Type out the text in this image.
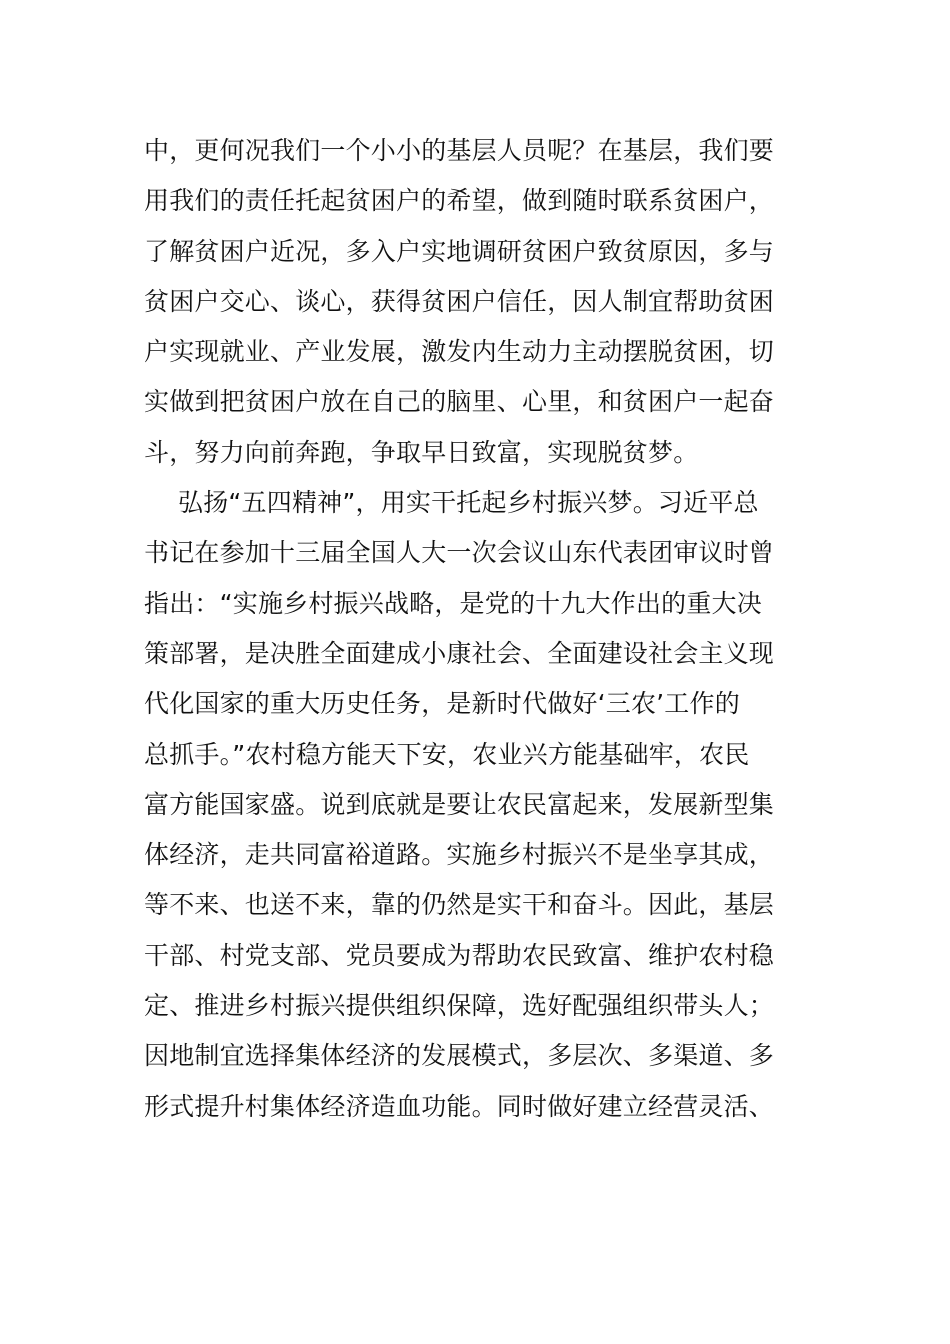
中，更何况我们一个小小的基层人员呢？在基层，我们要
用我们的责任托起贫困户的希望，做到随时联系贫困户，
了解贫困户近况，多入户实地调研贫困户致贫原因，多与
贫困户交心、谈心，获得贫困户信任，因人制宜帮助贫困
户实现就业、产业发展，激发内生动力主动摆脱贫困，切
实做到把贫困户放在自己的脑里、心里，和贫困户一起奋
斗，努力向前奔跑，争取早日致富，实现脱贫梦。
弘扬“五四精神”，用实干托起乡村振兴梦。习近平总
书记在参加十三届全国人大一次会议山东代表团审议时曾
指出：“实施乡村振兴战略，是党的十九大作出的重大决
策部署，是决胜全面建成小康社会、全面建设社会主义现
代化国家的重大历史任务，是新时代做好‘三农’工作的
总抓手。”农村稳方能天下安，农业兴方能基础牢，农民
富方能国家盛。说到底就是要让农民富起来，发展新型集
体经济，走共同富裕道路。实施乡村振兴不是坐享其成，
等不来、也送不来，靠的仍然是实干和奋斗。因此，基层
干部、村党支部、党员要成为帮助农民致富、维护农村稳
定、推进乡村振兴提供组织保障，选好配强组织带头人；
因地制宜选择集体经济的发展模式，多层次、多渠道、多
形式提升村集体经济造血功能。同时做好建立经营灵活、
